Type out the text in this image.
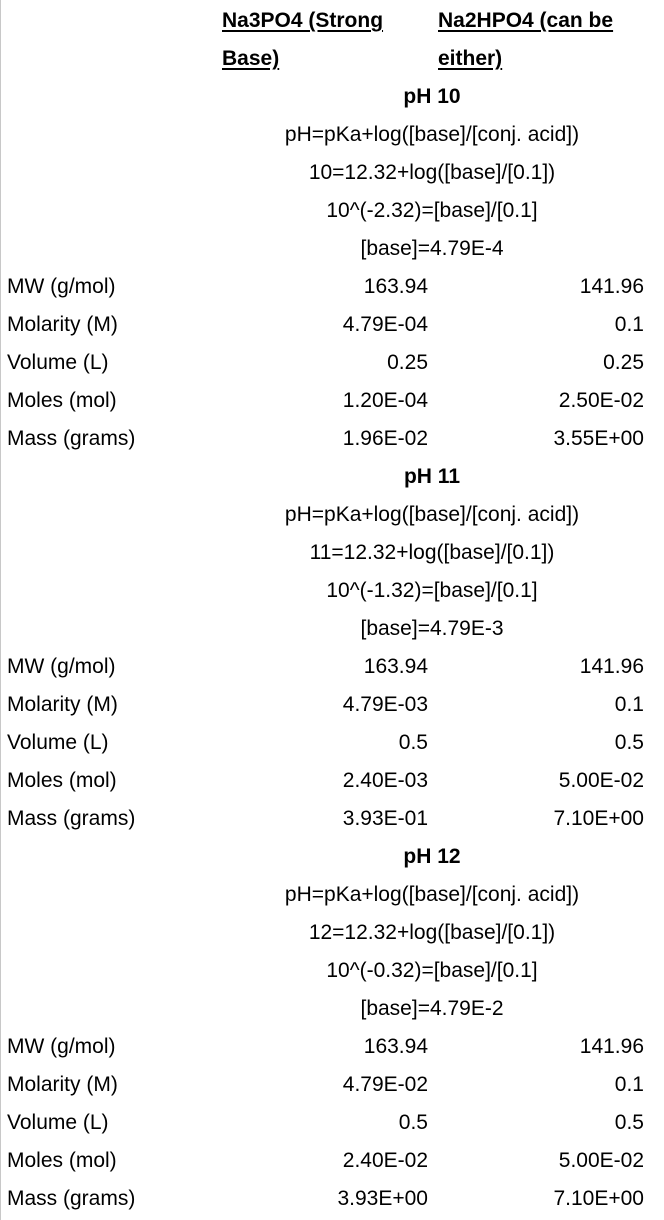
Na3PO4 (Strong	Na2HPO4 (can be
Base)	either)
pH 10
pH=pKa+log([base]/[conj. acid])
10=12.32+log([base]/[0.1])
10^(-2.32)=[base]/[0.1]
[base]=4.79E-4
MW (g/mol)	163.94	141.96
Molarity (M)	4.79E-04	0.1
Volume (L)	0.25	0.25
Moles (mol)	1.20E-04	2.50E-02
Mass (grams)	1.96E-02	3.55E+00
pH 11
pH=pKa+log([base]/[conj. acid])
11=12.32+log([base]/[0.1])
10^(-1.32)=[base]/[0.1]
[base]=4.79E-3
MW (g/mol)	163.94	141.96
Molarity (M)	4.79E-03	0.1
Volume (L)	0.5	0.5
Moles (mol)	2.40E-03	5.00E-02
Mass (grams)	3.93E-01	7.10E+00
pH 12
pH=pKa+log([base]/[conj. acid])
12=12.32+log([base]/[0.1])
10^(-0.32)=[base]/[0.1]
[base]=4.79E-2
MW (g/mol)	163.94	141.96
Molarity (M)	4.79E-02	0.1
Volume (L)	0.5	0.5
Moles (mol)	2.40E-02	5.00E-02
Mass (grams)	3.93E+00	7.10E+00
